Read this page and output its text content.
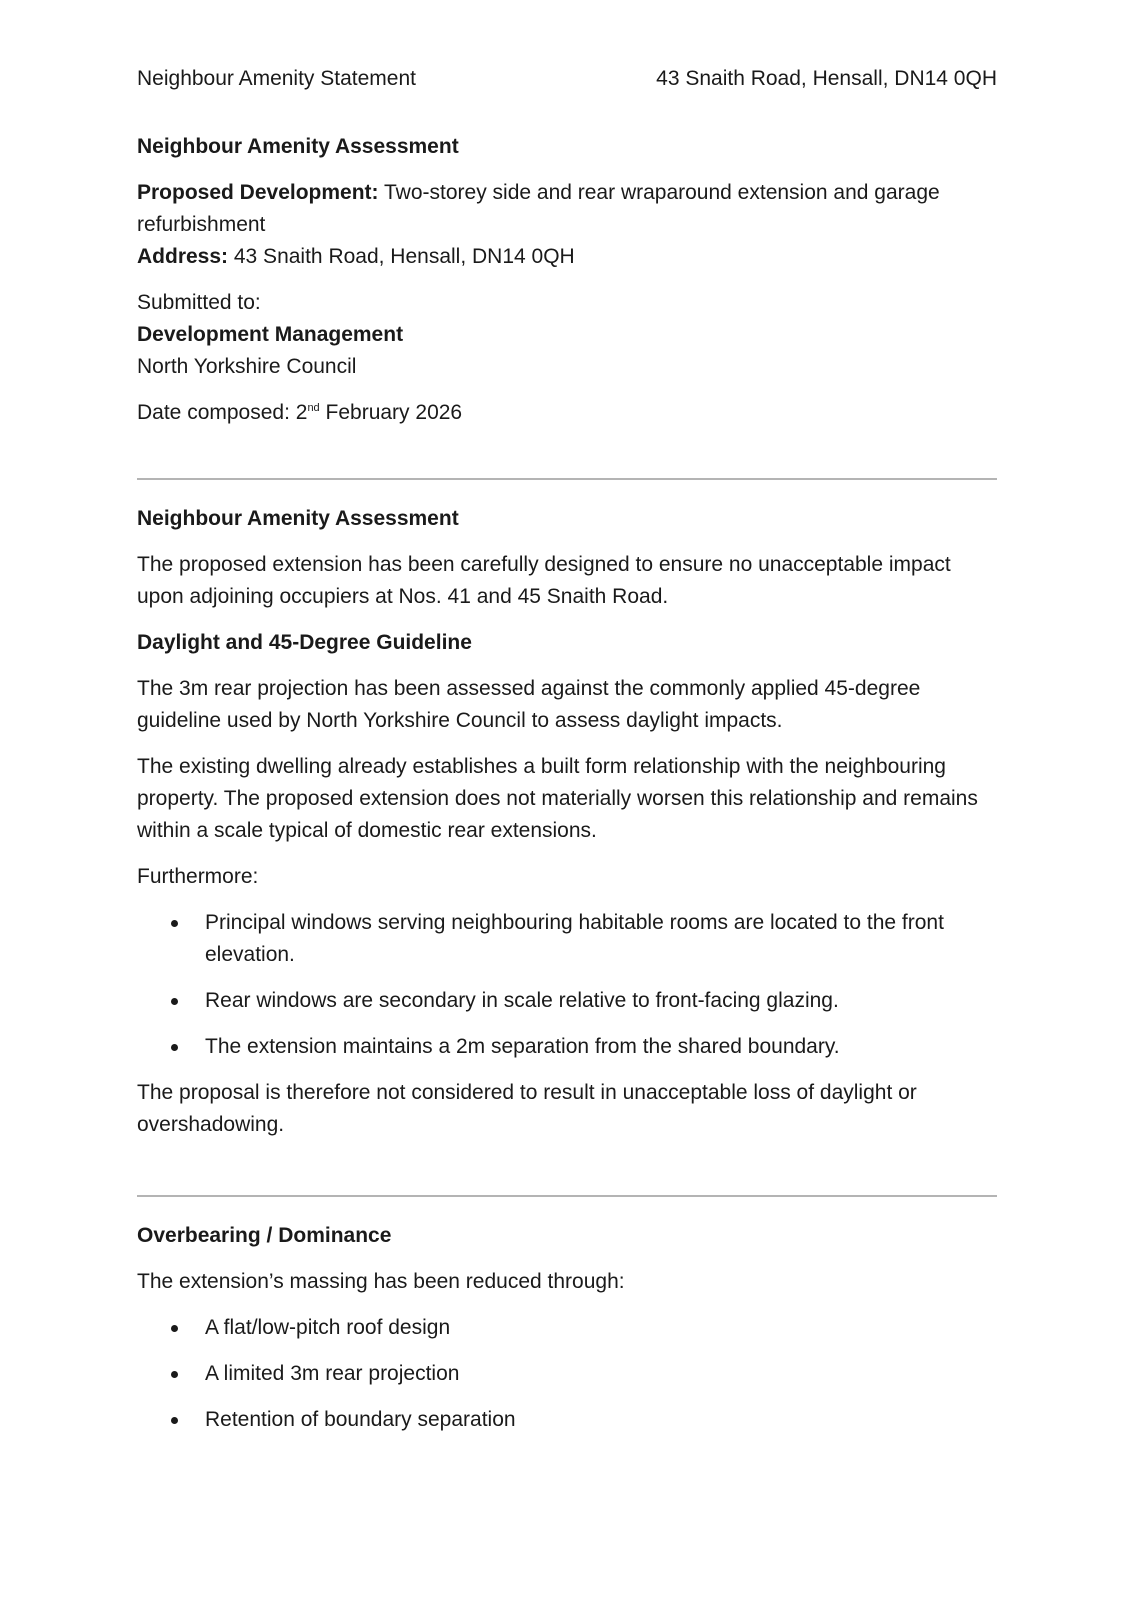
Neighbour Amenity Statement	43 Snaith Road, Hensall, DN14 0QH

Neighbour Amenity Assessment

Proposed Development: Two-storey side and rear wraparound extension and garage refurbishment

Address: 43 Snaith Road, Hensall, DN14 0QH

Submitted to:

Development Management

North Yorkshire Council

Date composed: 2nd February 2026

Neighbour Amenity Assessment

The proposed extension has been carefully designed to ensure no unacceptable impact upon adjoining occupiers at Nos. 41 and 45 Snaith Road.

Daylight and 45-Degree Guideline

The 3m rear projection has been assessed against the commonly applied 45-degree guideline used by North Yorkshire Council to assess daylight impacts.

The existing dwelling already establishes a built form relationship with the neighbouring property. The proposed extension does not materially worsen this relationship and remains within a scale typical of domestic rear extensions.

Furthermore:

Principal windows serving neighbouring habitable rooms are located to the front elevation.
Rear windows are secondary in scale relative to front-facing glazing.
The extension maintains a 2m separation from the shared boundary.

The proposal is therefore not considered to result in unacceptable loss of daylight or overshadowing.

Overbearing / Dominance

The extension’s massing has been reduced through:

A flat/low-pitch roof design
A limited 3m rear projection
Retention of boundary separation
